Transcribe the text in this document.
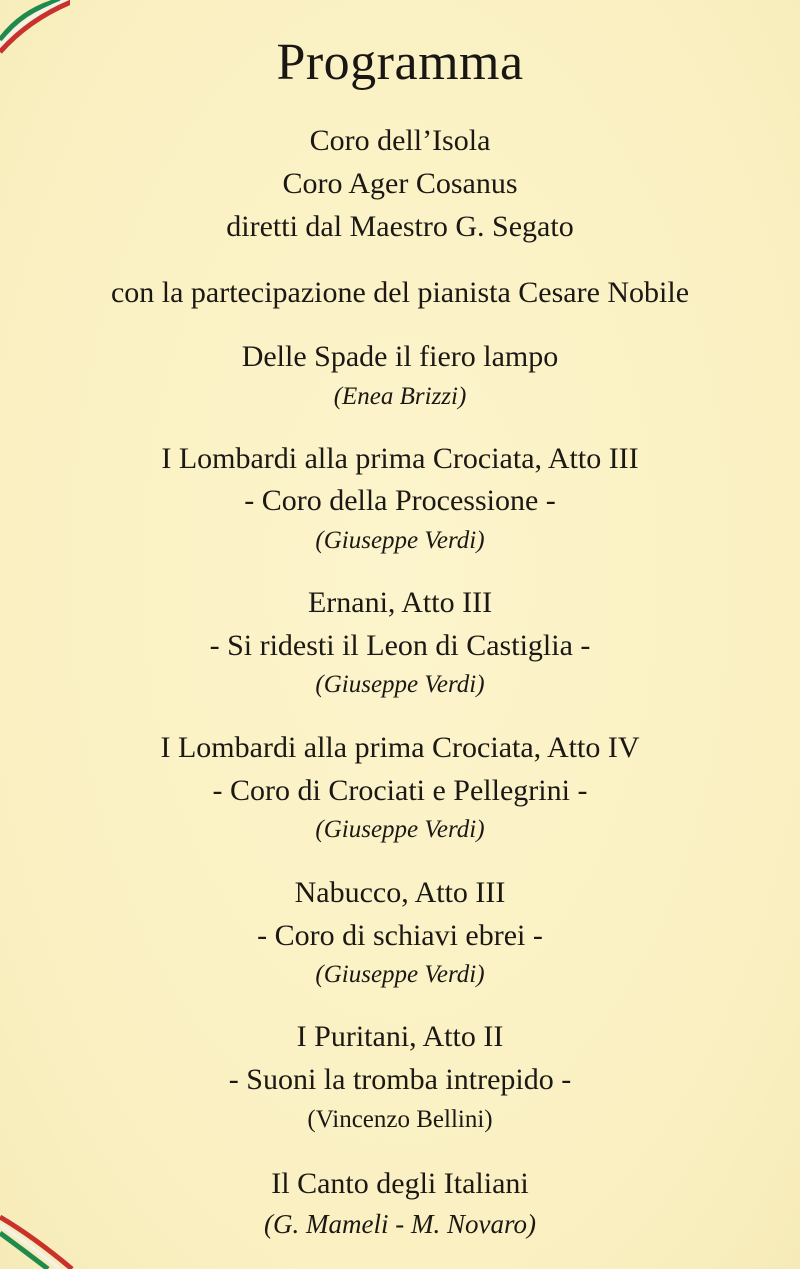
Programma

Coro dell’Isola

Coro Ager Cosanus

diretti dal Maestro G. Segato

con la partecipazione del pianista Cesare Nobile

Delle Spade il fiero lampo

(Enea Brizzi)

I Lombardi alla prima Crociata, Atto III

- Coro della Processione -

(Giuseppe Verdi)

Ernani, Atto III

- Si ridesti il Leon di Castiglia -

(Giuseppe Verdi)

I Lombardi alla prima Crociata, Atto IV

- Coro di Crociati e Pellegrini -

(Giuseppe Verdi)

Nabucco, Atto III

- Coro di schiavi ebrei -

(Giuseppe Verdi)

I Puritani, Atto II

- Suoni la tromba intrepido -

(Vincenzo Bellini)

Il Canto degli Italiani

(G. Mameli - M. Novaro)
